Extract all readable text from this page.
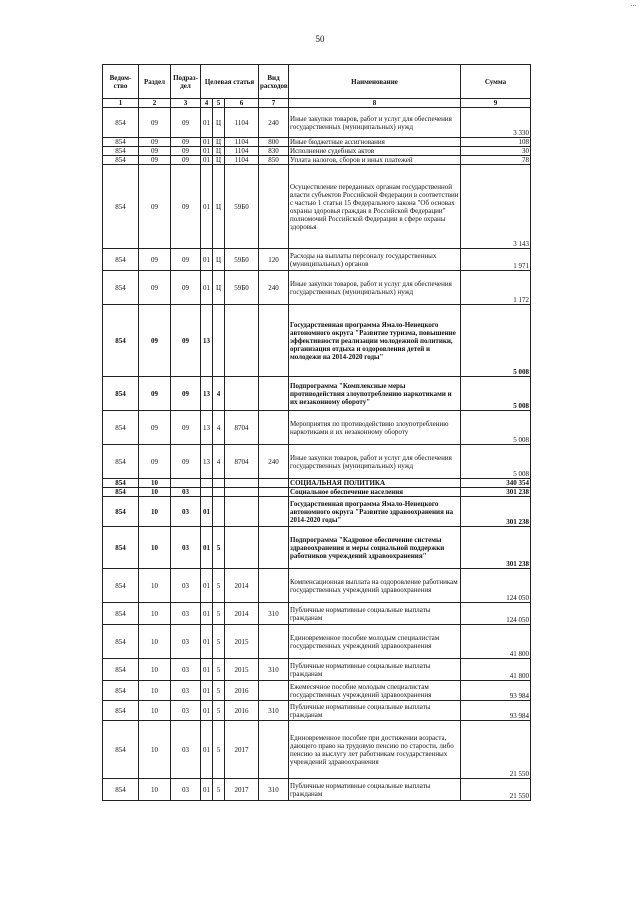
...
50
Ведом-ство	Раздел	Подраз-дел	Целевая статья			Вид расходов	Наименование	Сумма
1	2	3	4	5	6	7	8	9
854	09	09	01	Ц	1104	240	Иные закупки товаров, работ и услуг для обеспечения государственных (муниципальных) нужд	3 330
854	09	09	01	Ц	1104	800	Иные бюджетные ассигнования	108
854	09	09	01	Ц	1104	830	Исполнение судебных актов	30
854	09	09	01	Ц	1104	850	Уплата налогов, сборов и иных платежей	78
854	09	09	01	Ц	59Б0		Осуществление переданных органам государственной власти субъектов Российской Федерации в соответствии с частью 1 статьи 15 Федерального закона "Об основах охраны здоровья граждан в Российской Федерации" полномочий Российской Федерации в сфере охраны здоровья	3 143
854	09	09	01	Ц	59Б0	120	Расходы на выплаты персоналу государственных (муниципальных) органов	1 971
854	09	09	01	Ц	59Б0	240	Иные закупки товаров, работ и услуг для обеспечения государственных (муниципальных) нужд	1 172
854	09	09	13				Государственная программа Ямало-Ненецкого автономного округа "Развитие туризма, повышение эффективности реализации молодежной политики, организация отдыха и оздоровления детей и молодежи на 2014-2020 годы"	5 008
854	09	09	13	4			Подпрограмма "Комплексные меры противодействия злоупотреблению наркотиками и их незаконному обороту"	5 008
854	09	09	13	4	8704		Мероприятия по противодействию злоупотреблению наркотиками и их незаконному обороту	5 008
854	09	09	13	4	8704	240	Иные закупки товаров, работ и услуг для обеспечения государственных (муниципальных) нужд	5 008
854	10						СОЦИАЛЬНАЯ ПОЛИТИКА	340 354
854	10	03					Социальное обеспечение населения	301 238
854	10	03	01				Государственная программа Ямало-Ненецкого автономного округа "Развитие здравоохранения на 2014-2020 годы"	301 238
854	10	03	01	5			Подпрограмма "Кадровое обеспечение системы здравоохранения и меры социальной поддержки работников учреждений здравоохранения"	301 238
854	10	03	01	5	2014		Компенсационная выплата на оздоровление работникам государственных учреждений здравоохранения	124 050
854	10	03	01	5	2014	310	Публичные нормативные социальные выплаты гражданам	124 050
854	10	03	01	5	2015		Единовременное пособие молодым специалистам государственных учреждений здравоохранения	41 800
854	10	03	01	5	2015	310	Публичные нормативные социальные выплаты гражданам	41 800
854	10	03	01	5	2016		Ежемесячное пособие молодым специалистам государственных учреждений здравоохранения	93 984
854	10	03	01	5	2016	310	Публичные нормативные социальные выплаты гражданам	93 984
854	10	03	01	5	2017		Единовременное пособие при достижении возраста, дающего право на трудовую пенсию по старости, либо пенсию за выслугу лет работникам государственных учреждений здравоохранения	21 550
854	10	03	01	5	2017	310	Публичные нормативные социальные выплаты гражданам	21 550
